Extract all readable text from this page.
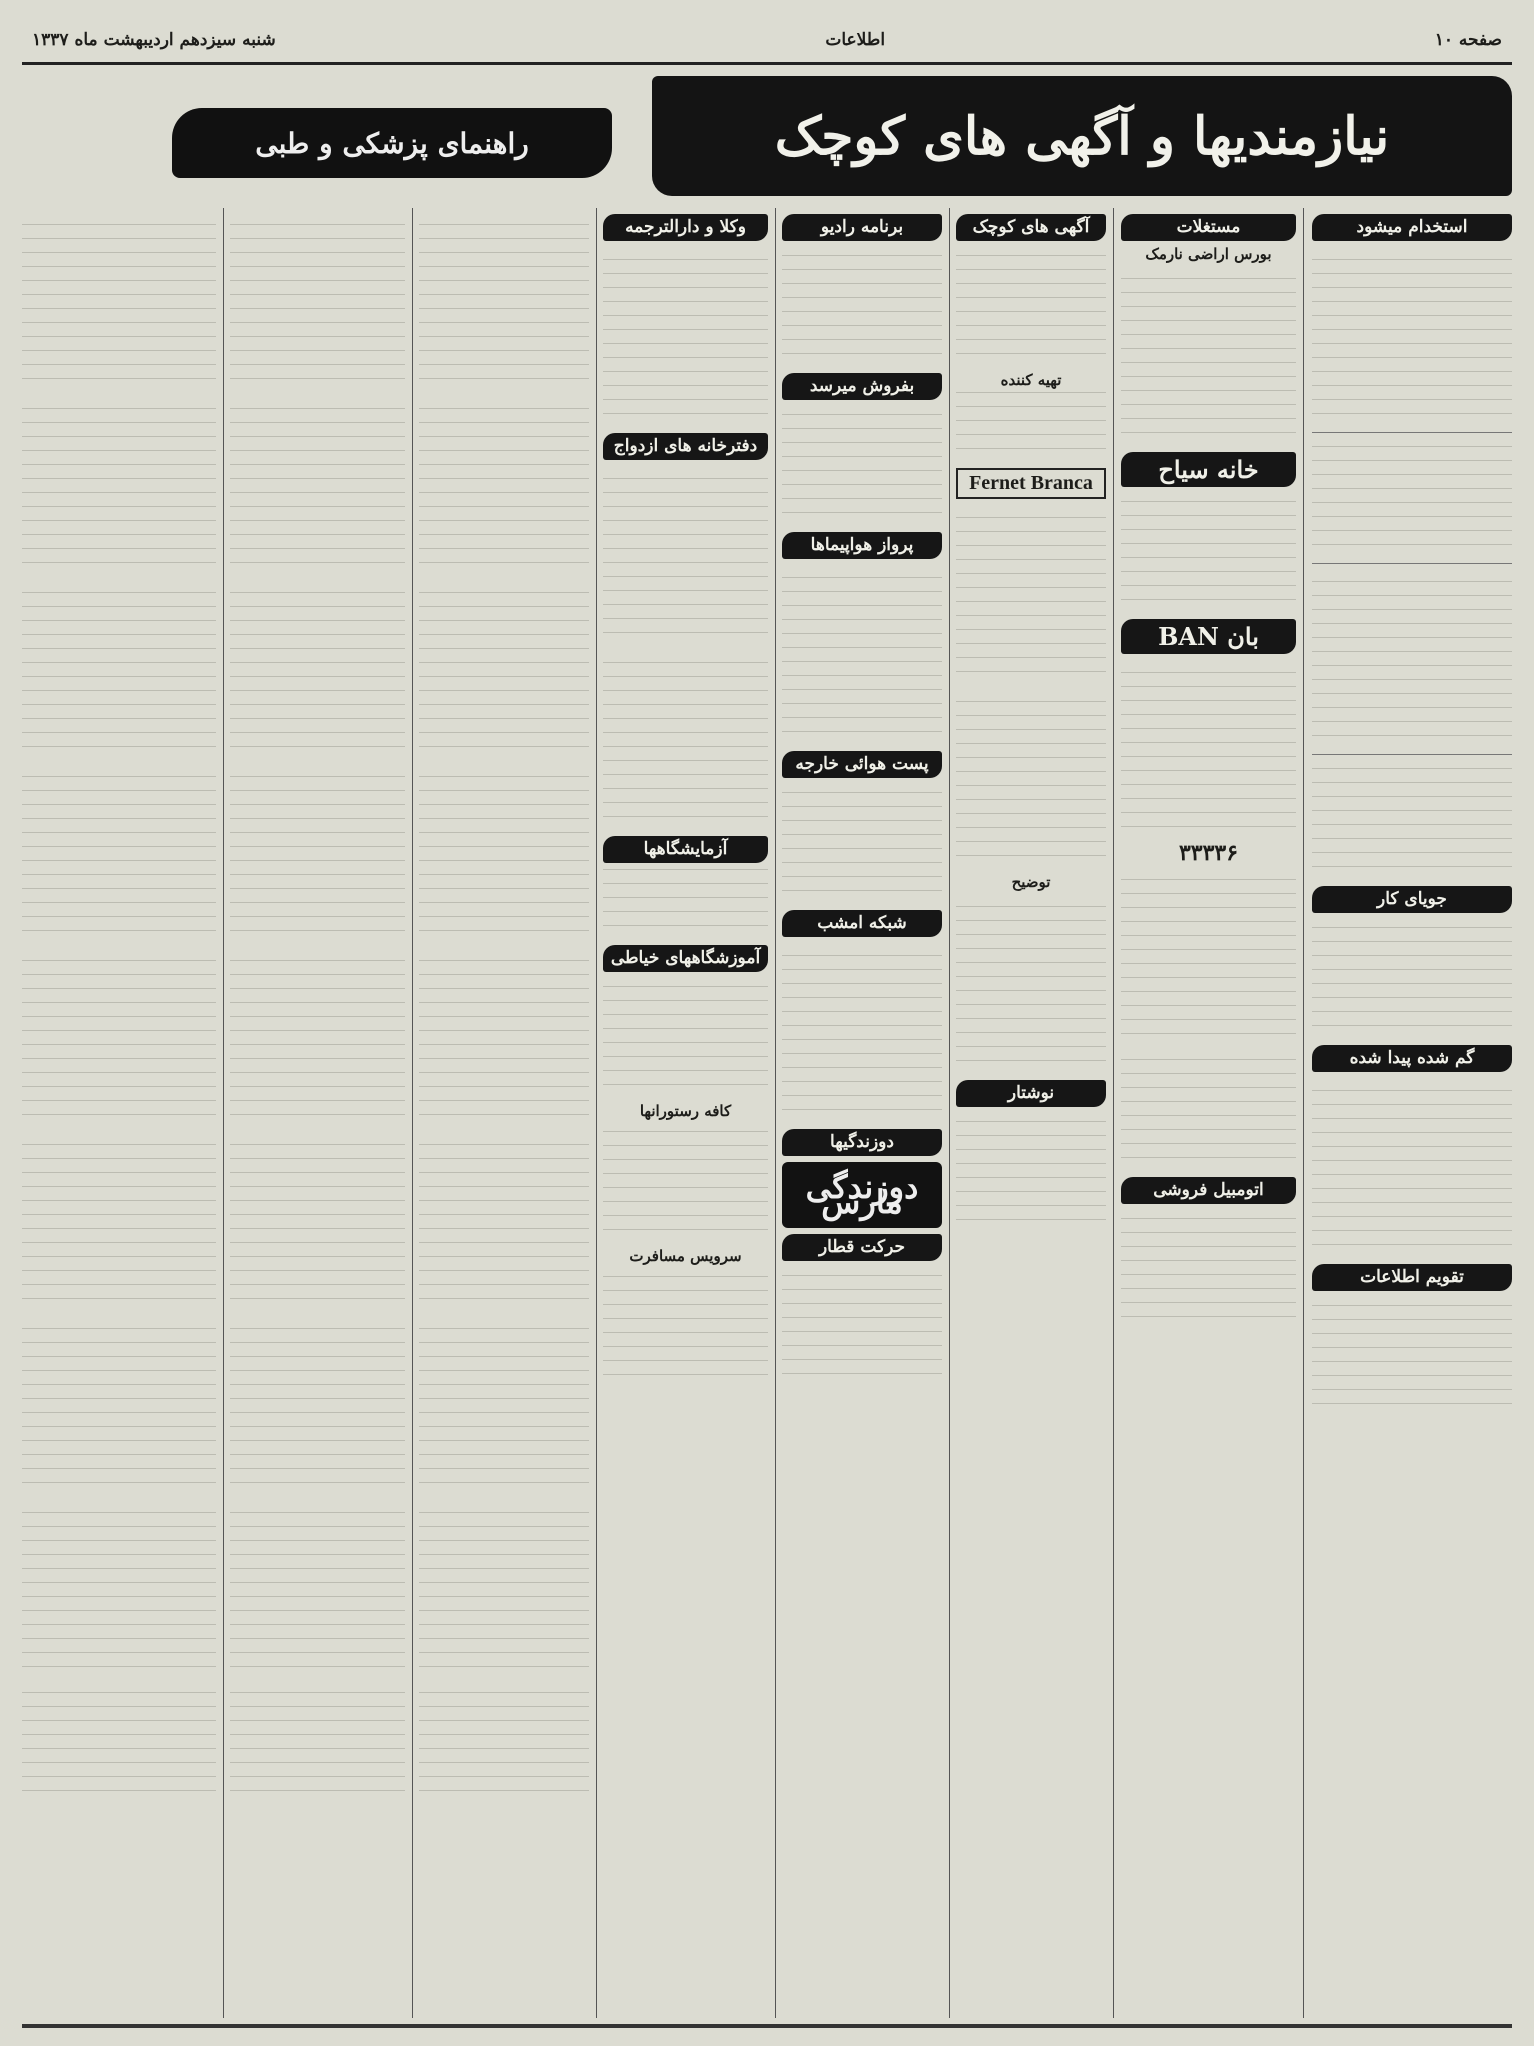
صفحه ۱۰
اطلاعات
شنبه سیزدهم اردیبهشت ماه ۱۳۳۷
نیازمندیها و آگهی های کوچک
راهنمای پزشکی و طبی
استخدام میشود
جویای کار
گم شده پیدا شده
تقویم اطلاعات
مستغلات
بورس اراضی نارمک
خانه سیاح
بان BAN
۳۳۳۳۶
اتومبیل فروشی
آگهی های کوچک
تهیه کننده
Fernet Branca
توضیح
نوشتار
برنامه رادیو
بفروش میرسد
پرواز هواپیماها
پست هوائی خارجه
شبکه امشب
دوزندگیها
دوزندگی مارس
حرکت قطار
وکلا و دارالترجمه
دفترخانه های ازدواج
آزمایشگاهها
آموزشگاههای خیاطی
کافه رستورانها
سرویس مسافرت
